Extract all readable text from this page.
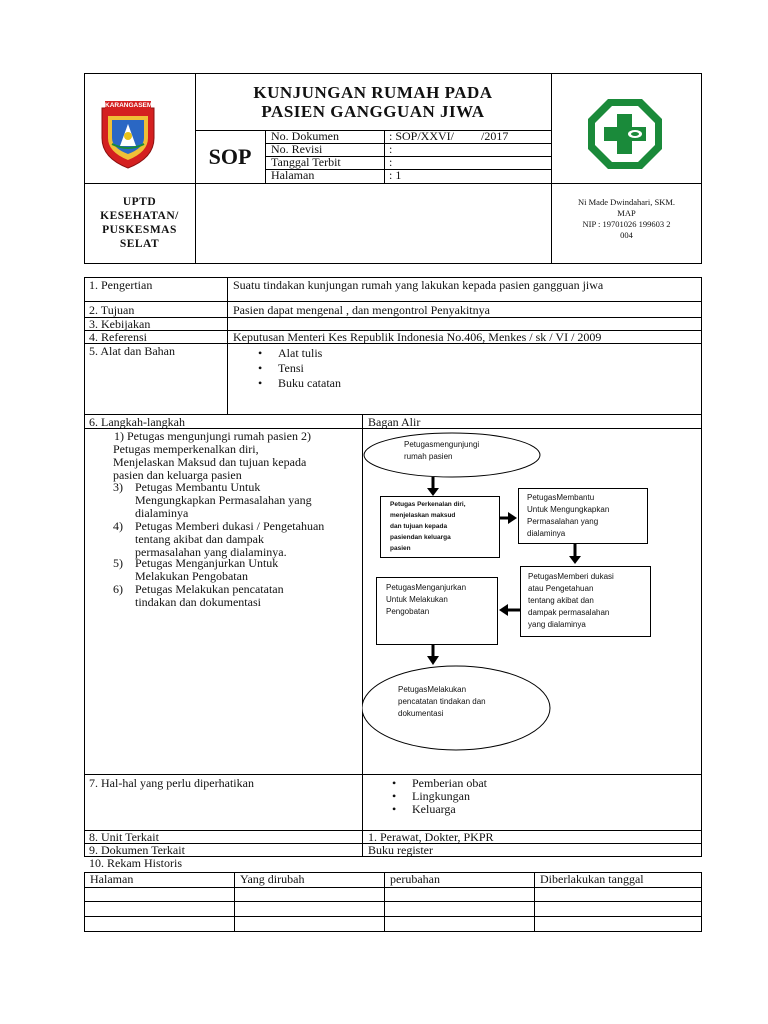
KARANGASEM
KUNJUNGAN RUMAH PADA
PASIEN GANGGUAN JIWA
SOP
No. Dokumen	: SOP/XXVI/         /2017
No. Revisi	:
Tanggal Terbit	:
Halaman	: 1
UPTD
KESEHATAN/
PUSKESMAS
SELAT
Ni Made Dwindahari, SKM.
MAP
NIP : 19701026 199603 2
004
1. Pengertian	Suatu tindakan kunjungan rumah yang lakukan kepada pasien gangguan jiwa
2. Tujuan	Pasien dapat mengenal , dan mengontrol Penyakitnya
3. Kebijakan
4. Referensi	Keputusan Menteri Kes Republik Indonesia No.406, Menkes / sk / VI / 2009
5. Alat dan Bahan	• Alat tulis
• Tensi
• Buku catatan
6. Langkah-langkah	Bagan Alir
1) Petugas mengunjungi rumah pasien 2)
Petugas memperkenalkan diri,
Menjelaskan Maksud dan tujuan kepada
pasien dan keluarga pasien
3)	Petugas Membantu Untuk
Mengungkapkan Permasalahan yang
dialaminya
4)	Petugas Memberi dukasi / Pengetahuan
tentang akibat dan dampak
permasalahan yang dialaminya.
5)	Petugas Menganjurkan Untuk
Melakukan Pengobatan
6)	Petugas Melakukan pencatatan
tindakan dan dokumentasi
Petugasmengunjungi
rumah pasien
Petugas Perkenalan diri,
menjelaskan maksud
dan tujuan kepada
pasiendan keluarga
pasien
PetugasMembantu
Untuk Mengungkapkan
Permasalahan yang
dialaminya
PetugasMemberi dukasi
atau Pengetahuan
tentang akibat dan
dampak permasalahan
yang dialaminya
PetugasMenganjurkan
Untuk Melakukan
Pengobatan
PetugasMelakukan
pencatatan tindakan dan
dokumentasi
7. Hal-hal yang perlu diperhatikan	• Pemberian obat
• Lingkungan
• Keluarga
8. Unit Terkait	1. Perawat, Dokter, PKPR
9. Dokumen Terkait	Buku register
10. Rekam Historis
Halaman	Yang dirubah	perubahan	Diberlakukan tanggal
